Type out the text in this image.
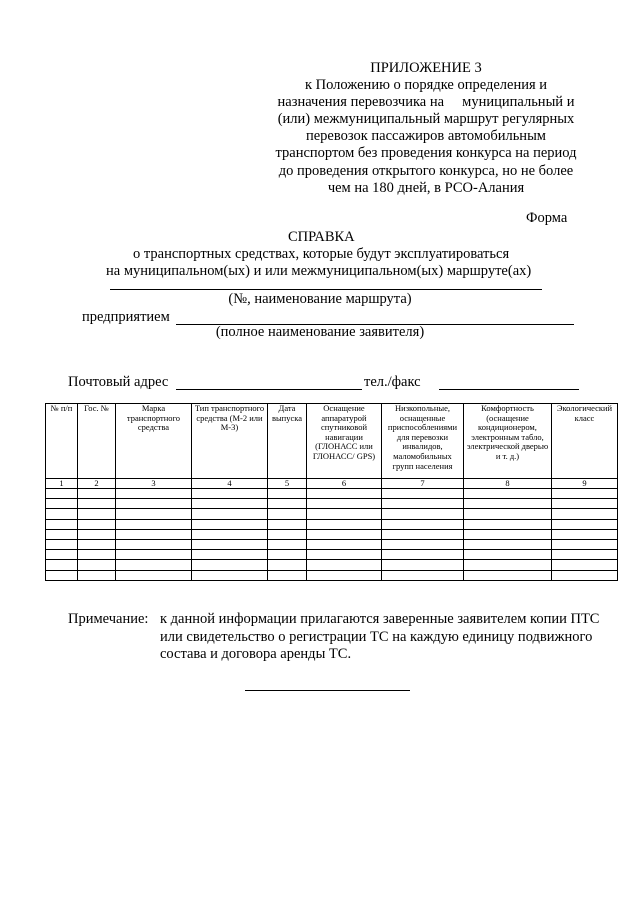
ПРИЛОЖЕНИЕ 3
к Положению о порядке определения и
назначения перевозчика на     муниципальный и
(или) межмуниципальный маршрут регулярных
перевозок пассажиров автомобильным
транспортом без проведения конкурса на период
до проведения открытого конкурса, но не более
чем на 180 дней, в РСО-Алания
Форма
СПРАВКА
о транспортных средствах, которые будут эксплуатироваться
на муниципальном(ых) и или межмуниципальном(ых) маршруте(ах)
(№, наименование маршрута)
предприятием
(полное наименование заявителя)
Почтовый адрес	тел./факс
№ п/п	Гос. №	Марка транспортного средства	Тип транспортного средства (М-2 или М-3)	Дата выпуска	Оснащение аппаратурой спутниковой навигации (ГЛОНАСС или ГЛОНАСС/ GPS)	Низкопольные, оснащенные приспособлениями для перевозки инвалидов, маломобильных групп населения	Комфортность (оснащение кондиционером, электронным табло, электрической дверью и т. д.)	Экологический класс
1	2	3	4	5	6	7	8	9

Примечание: к данной информации прилагаются заверенные заявителем копии ПТС
или свидетельство о регистрации ТС на каждую единицу подвижного
состава и договора аренды ТС.
